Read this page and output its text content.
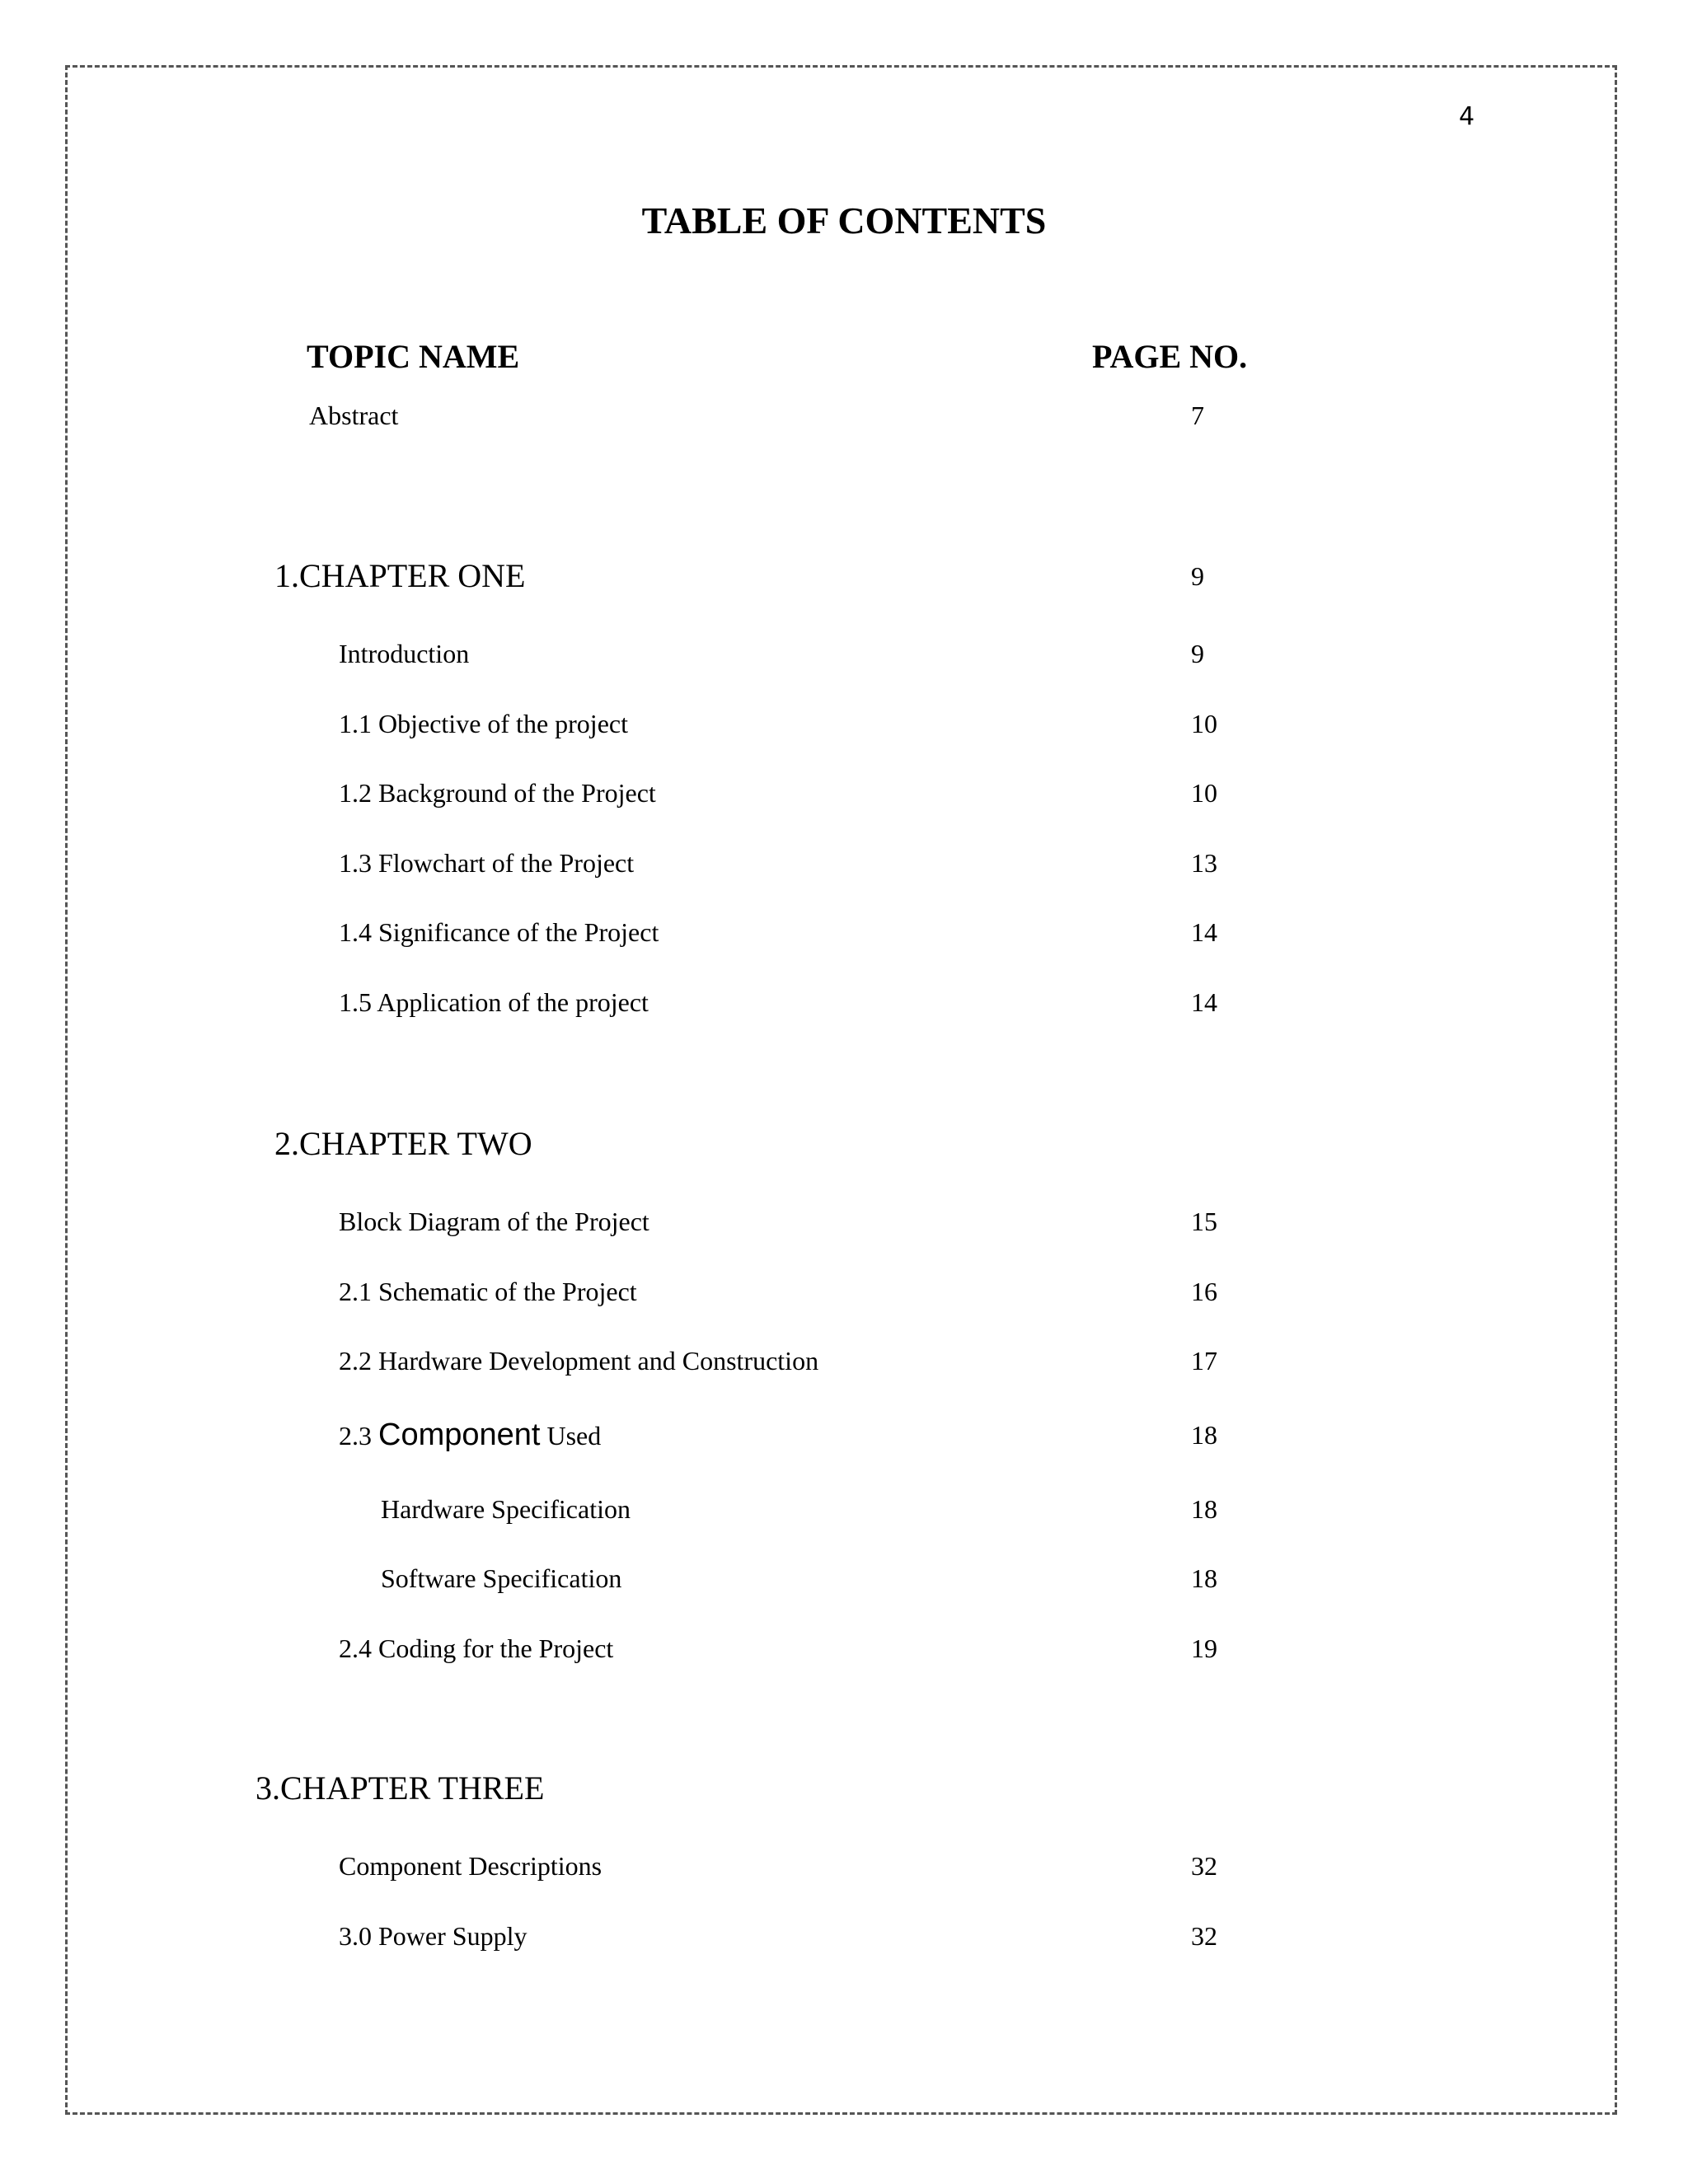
4
TABLE OF CONTENTS
TOPIC NAME	PAGE NO.
Abstract	7
1.CHAPTER ONE	9
Introduction	9
1.1 Objective of the project	10
1.2 Background of the Project	10
1.3 Flowchart of the Project	13
1.4 Significance of the Project	14
1.5 Application of the project	14
2.CHAPTER TWO
Block Diagram of the Project	15
2.1 Schematic of the Project	16
2.2 Hardware Development and Construction	17
2.3 Component Used	18
Hardware Specification	18
Software Specification	18
2.4 Coding for the Project	19
3.CHAPTER THREE
Component Descriptions	32
3.0 Power Supply	32
